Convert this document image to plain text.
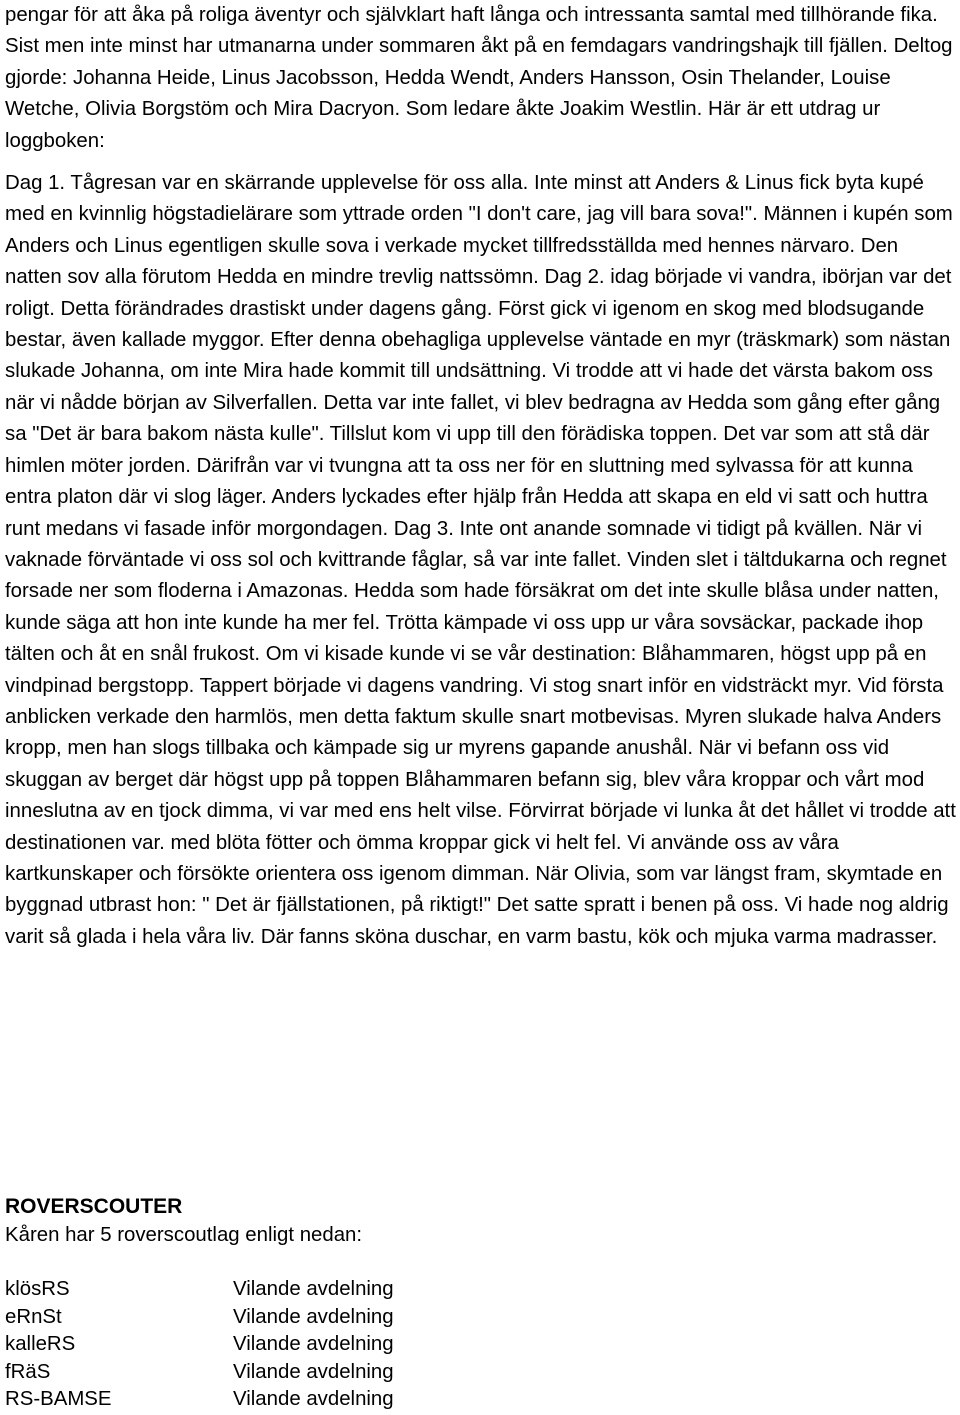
pengar för att åka på roliga äventyr och självklart haft långa och intressanta samtal med tillhörande fika. Sist men inte minst har utmanarna under sommaren åkt på en femdagars vandringshajk till fjällen. Deltog gjorde: Johanna Heide, Linus Jacobsson, Hedda Wendt, Anders Hansson, Osin Thelander, Louise Wetche, Olivia Borgstöm och Mira Dacryon. Som ledare åkte Joakim Westlin. Här är ett utdrag ur loggboken:

Dag 1. Tågresan var en skärrande upplevelse för oss alla. Inte minst att Anders & Linus fick byta kupé med en kvinnlig högstadielärare som yttrade orden "I don't care, jag vill bara sova!". Männen i kupén som Anders och Linus egentligen skulle sova i verkade mycket tillfredsställda med hennes närvaro. Den natten sov alla förutom Hedda en mindre trevlig nattssömn. Dag 2. idag började vi vandra, ibörjan var det roligt. Detta förändrades drastiskt under dagens gång. Först gick vi igenom en skog med blodsugande bestar, även kallade myggor. Efter denna obehagliga upplevelse väntade en myr (träskmark) som nästan slukade Johanna, om inte Mira hade kommit till undsättning. Vi trodde att vi hade det värsta bakom oss när vi nådde början av Silverfallen. Detta var inte fallet, vi blev bedragna av Hedda som gång efter gång sa "Det är bara bakom nästa kulle". Tillslut kom vi upp till den förädiska toppen. Det var som att stå där himlen möter jorden. Därifrån var vi tvungna att ta oss ner för en sluttning med sylvassa för att kunna entra platon där vi slog läger. Anders lyckades efter hjälp från Hedda att skapa en eld vi satt och huttra runt medans vi fasade inför morgondagen. Dag 3. Inte ont anande somnade vi tidigt på kvällen. När vi vaknade förväntade vi oss sol och kvittrande fåglar, så var inte fallet. Vinden slet i tältdukarna och regnet forsade ner som floderna i Amazonas. Hedda som hade försäkrat om det inte skulle blåsa under natten, kunde säga att hon inte kunde ha mer fel. Trötta kämpade vi oss upp ur våra sovsäckar, packade ihop tälten och åt en snål frukost. Om vi kisade kunde vi se vår destination: Blåhammaren, högst upp på en vindpinad bergstopp. Tappert började vi dagens vandring. Vi stog snart inför en vidsträckt myr. Vid första anblicken verkade den harmlös, men detta faktum skulle snart motbevisas. Myren slukade halva Anders kropp, men han slogs tillbaka och kämpade sig ur myrens gapande anushål. När vi befann oss vid skuggan av berget där högst upp på toppen Blåhammaren befann sig, blev våra kroppar och vårt mod inneslutna av en tjock dimma, vi var med ens helt vilse. Förvirrat började vi lunka åt det hållet vi trodde att destinationen var. med blöta fötter och ömma kroppar gick vi helt fel. Vi använde oss av våra kartkunskaper och försökte orientera oss igenom dimman. När Olivia, som var längst fram, skymtade en byggnad utbrast hon: " Det är fjällstationen, på riktigt!" Det satte spratt i benen på oss. Vi hade nog aldrig varit så glada i hela våra liv. Där fanns sköna duschar, en varm bastu, kök och mjuka varma madrasser.

ROVERSCOUTER

Kåren har 5 roverscoutlag enligt nedan:

klösRS	Vilande avdelning
eRnSt	Vilande avdelning
kalleRS	Vilande avdelning
fRäS	Vilande avdelning
RS-BAMSE	Vilande avdelning
